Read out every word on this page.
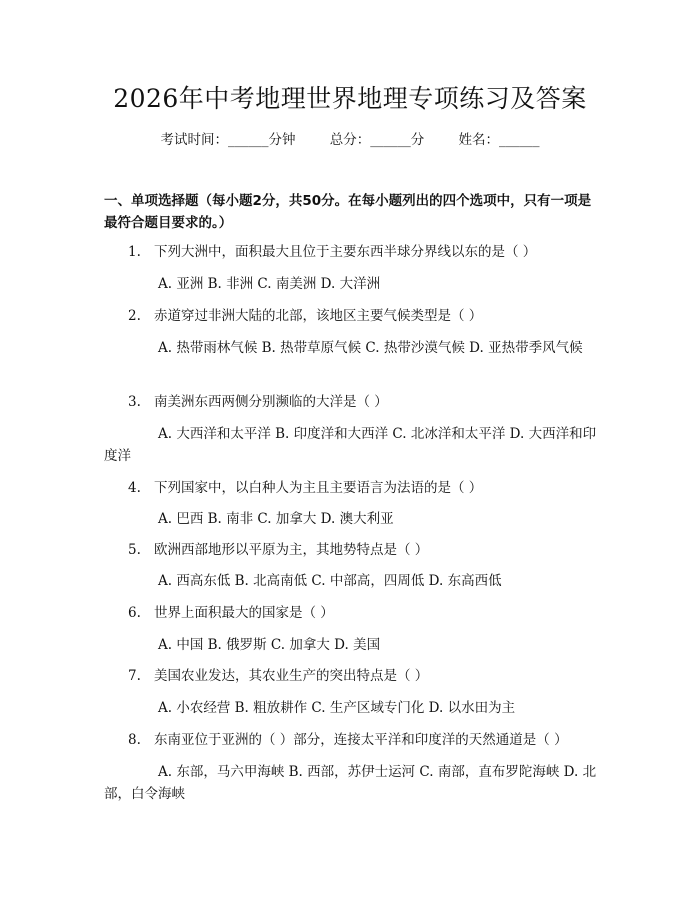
2026年中考地理世界地理专项练习及答案
考试时间：______分钟	总分：______分	姓名：______
一、单项选择题（每小题2分，共50分。在每小题列出的四个选项中，只有一项是最符合题目要求的。）
1. 下列大洲中，面积最大且位于主要东西半球分界线以东的是（ ）
A. 亚洲 B. 非洲 C. 南美洲 D. 大洋洲
2. 赤道穿过非洲大陆的北部，该地区主要气候类型是（ ）
A. 热带雨林气候 B. 热带草原气候 C. 热带沙漠气候 D. 亚热带季风气候
3. 南美洲东西两侧分别濒临的大洋是（ ）
A. 大西洋和太平洋 B. 印度洋和大西洋 C. 北冰洋和太平洋 D. 大西洋和印度洋
4. 下列国家中，以白种人为主且主要语言为法语的是（ ）
A. 巴西 B. 南非 C. 加拿大 D. 澳大利亚
5. 欧洲西部地形以平原为主，其地势特点是（ ）
A. 西高东低 B. 北高南低 C. 中部高，四周低 D. 东高西低
6. 世界上面积最大的国家是（ ）
A. 中国 B. 俄罗斯 C. 加拿大 D. 美国
7. 美国农业发达，其农业生产的突出特点是（ ）
A. 小农经营 B. 粗放耕作 C. 生产区域专门化 D. 以水田为主
8. 东南亚位于亚洲的（ ）部分，连接太平洋和印度洋的天然通道是（ ）
A. 东部，马六甲海峡 B. 西部，苏伊士运河 C. 南部，直布罗陀海峡 D. 北部，白令海峡
